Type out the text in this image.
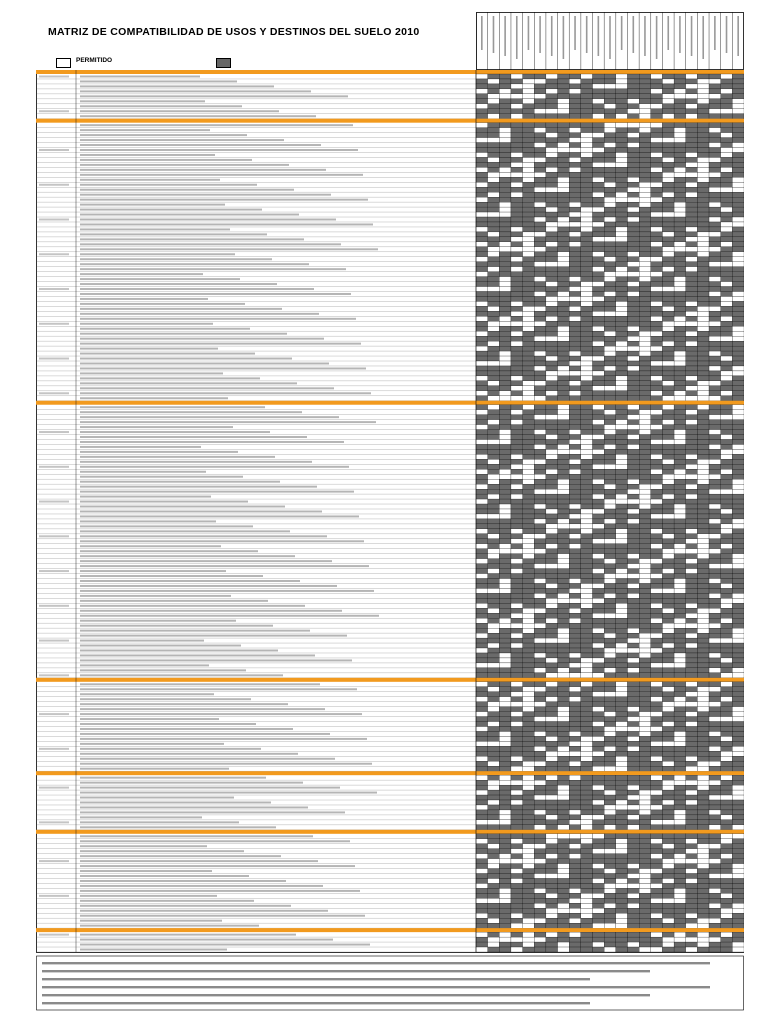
MATRIZ DE COMPATIBILIDAD DE USOS Y DESTINOS DEL SUELO 2010
PERMITIDO
